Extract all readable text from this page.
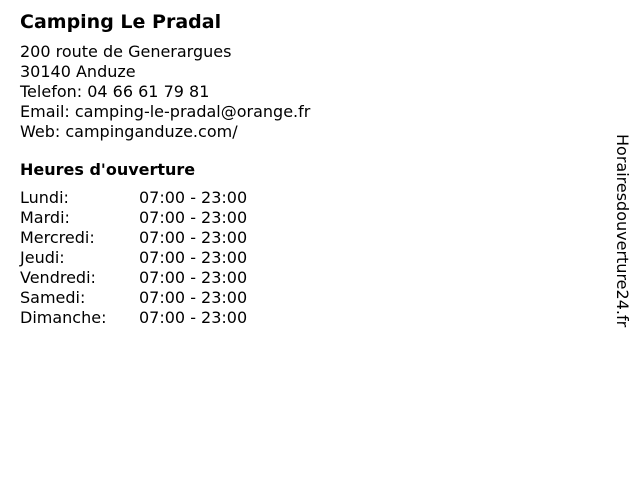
Camping Le Pradal
200 route de Generargues
30140 Anduze
Telefon: 04 66 61 79 81
Email: camping-le-pradal@orange.fr
Web: campinganduze.com/
Heures d'ouverture
Lundi:	07:00 - 23:00
Mardi:	07:00 - 23:00
Mercredi:	07:00 - 23:00
Jeudi:	07:00 - 23:00
Vendredi:	07:00 - 23:00
Samedi:	07:00 - 23:00
Dimanche:	07:00 - 23:00	Horairesdouverture24.fr
